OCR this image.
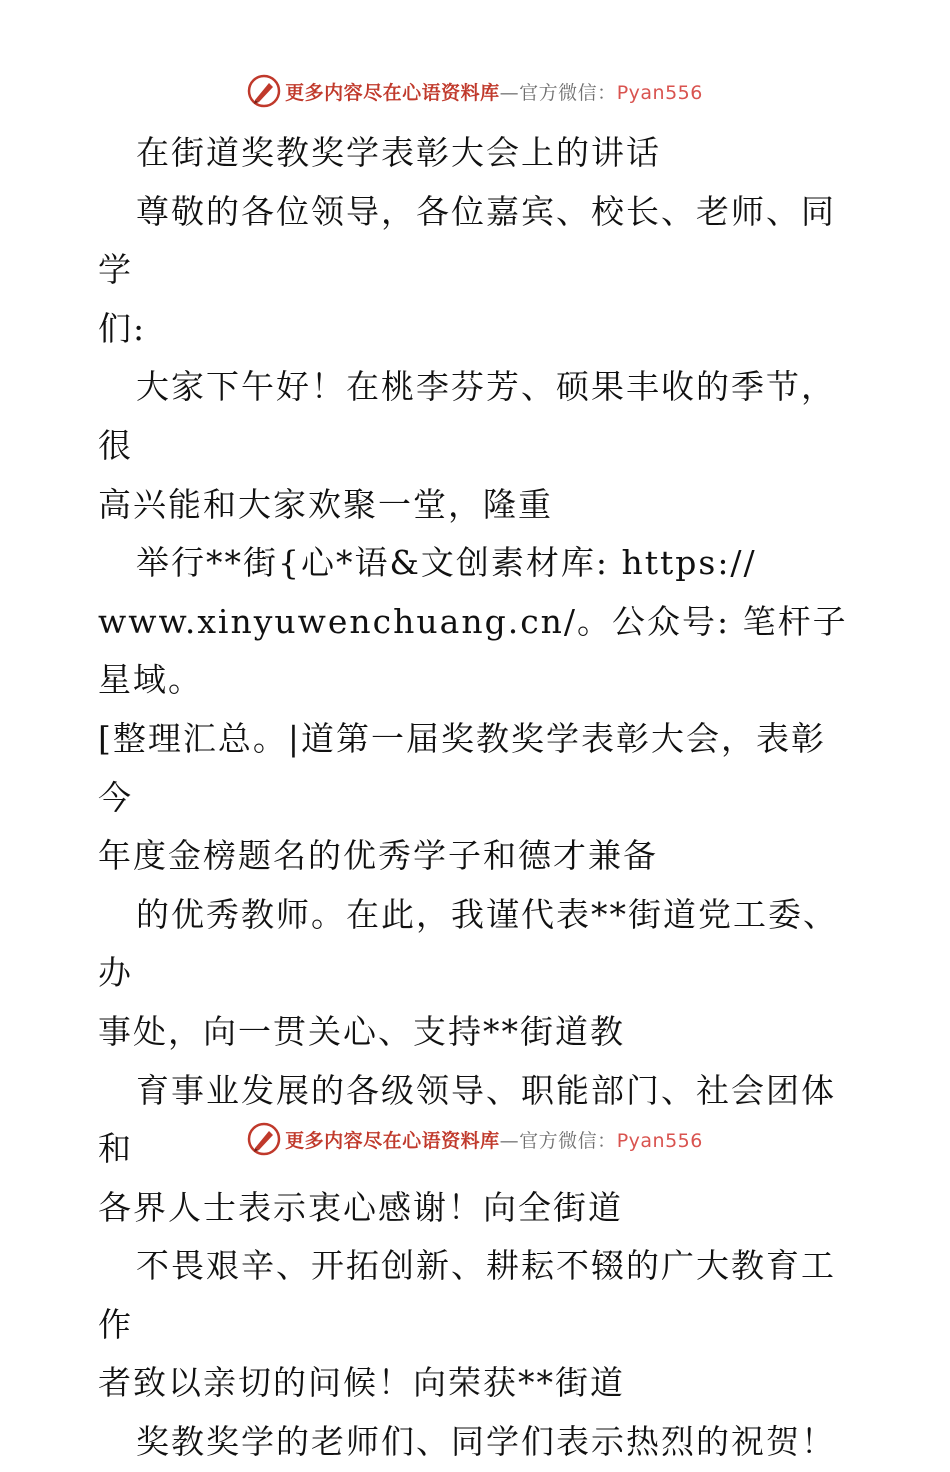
更多内容尽在心语资料库—官方微信：Pyan556

在街道奖教奖学表彰大会上的讲话

尊敬的各位领导，各位嘉宾、校长、老师、同学

们:

大家下午好！在桃李芬芳、硕果丰收的季节，很

高兴能和大家欢聚一堂，隆重

举行**街{心*语&文创素材库: https://

www.xinyuwenchuang.cn/。公众号: 笔杆子星域。

[整理汇总。|道第一届奖教奖学表彰大会，表彰今

年度金榜题名的优秀学子和德才兼备

的优秀教师。在此，我谨代表**街道党工委、办

事处，向一贯关心、支持**街道教

育事业发展的各级领导、职能部门、社会团体和

各界人士表示衷心感谢！向全街道

不畏艰辛、开拓创新、耕耘不辍的广大教育工作

者致以亲切的问候！向荣获**街道

奖教奖学的老师们、同学们表示热烈的祝贺！

更多内容尽在心语资料库—官方微信：Pyan556
